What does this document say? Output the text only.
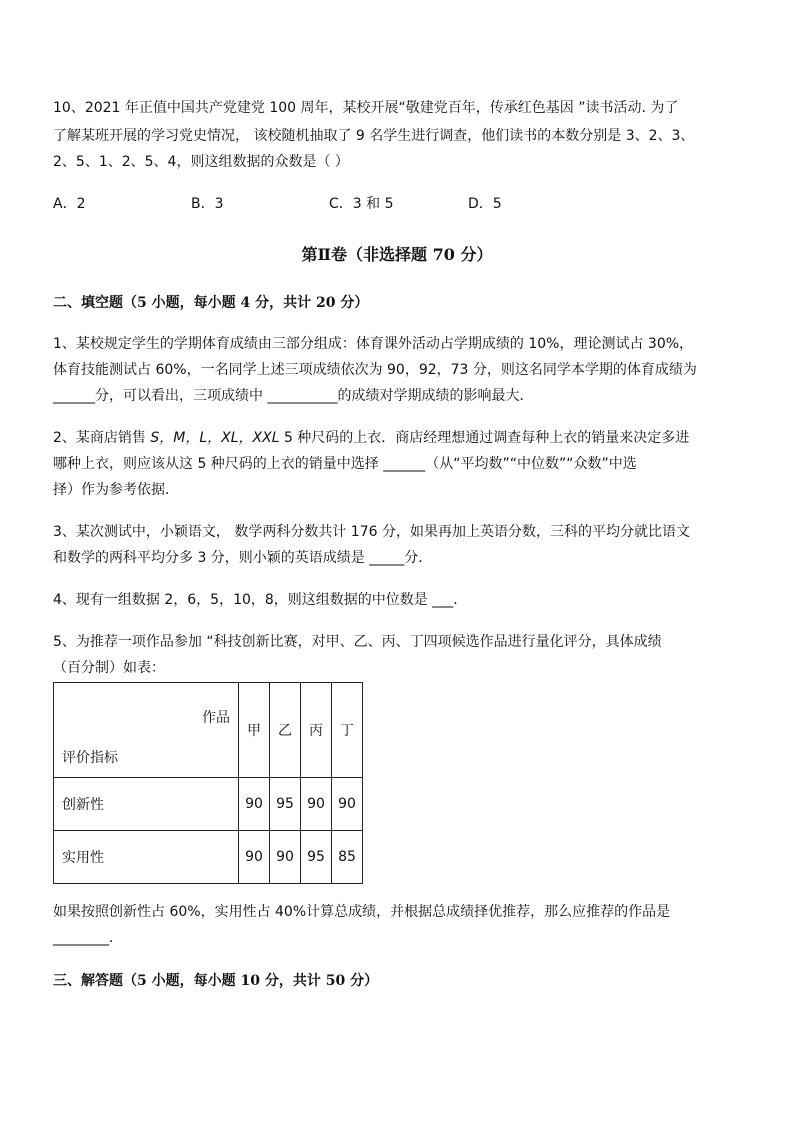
10、2021 年正值中国共产党建党 100 周年，某校开展“敬建党百年，传承红色基因 ”读书活动. 为了
了解某班开展的学习党史情况， 该校随机抽取了 9 名学生进行调查，他们读书的本数分别是 3、2、3、
2、5、1、2、5、4，则这组数据的众数是（ ）
A．2	B．3	C．3 和 5	D．5
第Ⅱ卷（非选择题 70 分）
二、填空题（5 小题，每小题 4 分，共计 20 分）
1、某校规定学生的学期体育成绩由三部分组成：体育课外活动占学期成绩的 10%，理论测试占 30%，
体育技能测试占 60%，一名同学上述三项成绩依次为 90，92，73 分，则这名同学本学期的体育成绩为
______分，可以看出，三项成绩中 __________的成绩对学期成绩的影响最大．
2、某商店销售 S，M，L，XL，XXL 5 种尺码的上衣．商店经理想通过调查每种上衣的销量来决定多进
哪种上衣，则应该从这 5 种尺码的上衣的销量中选择 ______（从“平均数”“中位数”“众数”中选
择）作为参考依据．
3、某次测试中，小颖语文， 数学两科分数共计 176 分，如果再加上英语分数，三科的平均分就比语文
和数学的两科平均分多 3 分，则小颖的英语成绩是 _____分．
4、现有一组数据 2，6，5，10，8，则这组数据的中位数是 ___．
5、为推荐一项作品参加 “科技创新比赛，对甲、乙、丙、丁四项候选作品进行量化评分，具体成绩
（百分制）如表：
作品
评价指标	甲	乙	丙	丁
创新性	90	95	90	90
实用性	90	90	95	85
如果按照创新性占 60%，实用性占 40%计算总成绩，并根据总成绩择优推荐，那么应推荐的作品是
________.
三、解答题（5 小题，每小题 10 分，共计 50 分）
